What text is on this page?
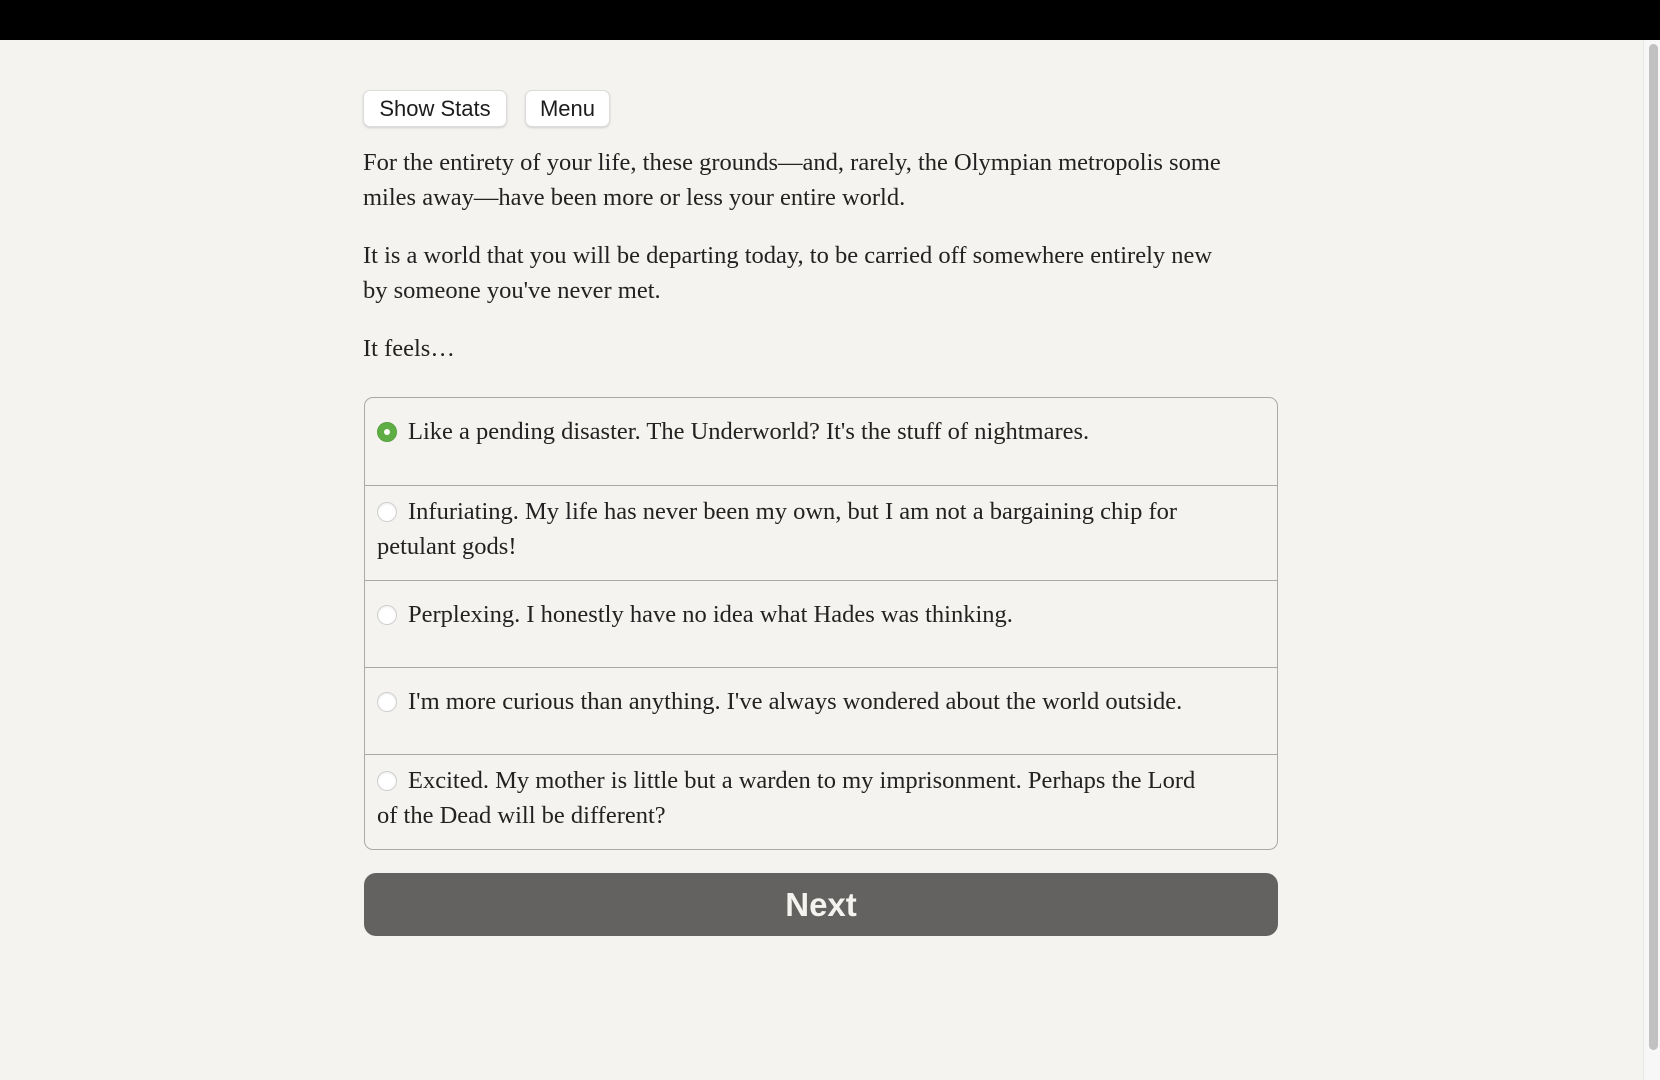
Show Stats	Menu

For the entirety of your life, these grounds—and, rarely, the Olympian metropolis some
miles away—have been more or less your entire world.

It is a world that you will be departing today, to be carried off somewhere entirely new
by someone you've never met.

It feels…

Like a pending disaster. The Underworld? It's the stuff of nightmares.
Infuriating. My life has never been my own, but I am not a bargaining chip for
petulant gods!
Perplexing. I honestly have no idea what Hades was thinking.
I'm more curious than anything. I've always wondered about the world outside.
Excited. My mother is little but a warden to my imprisonment. Perhaps the Lord
of the Dead will be different?
Next
